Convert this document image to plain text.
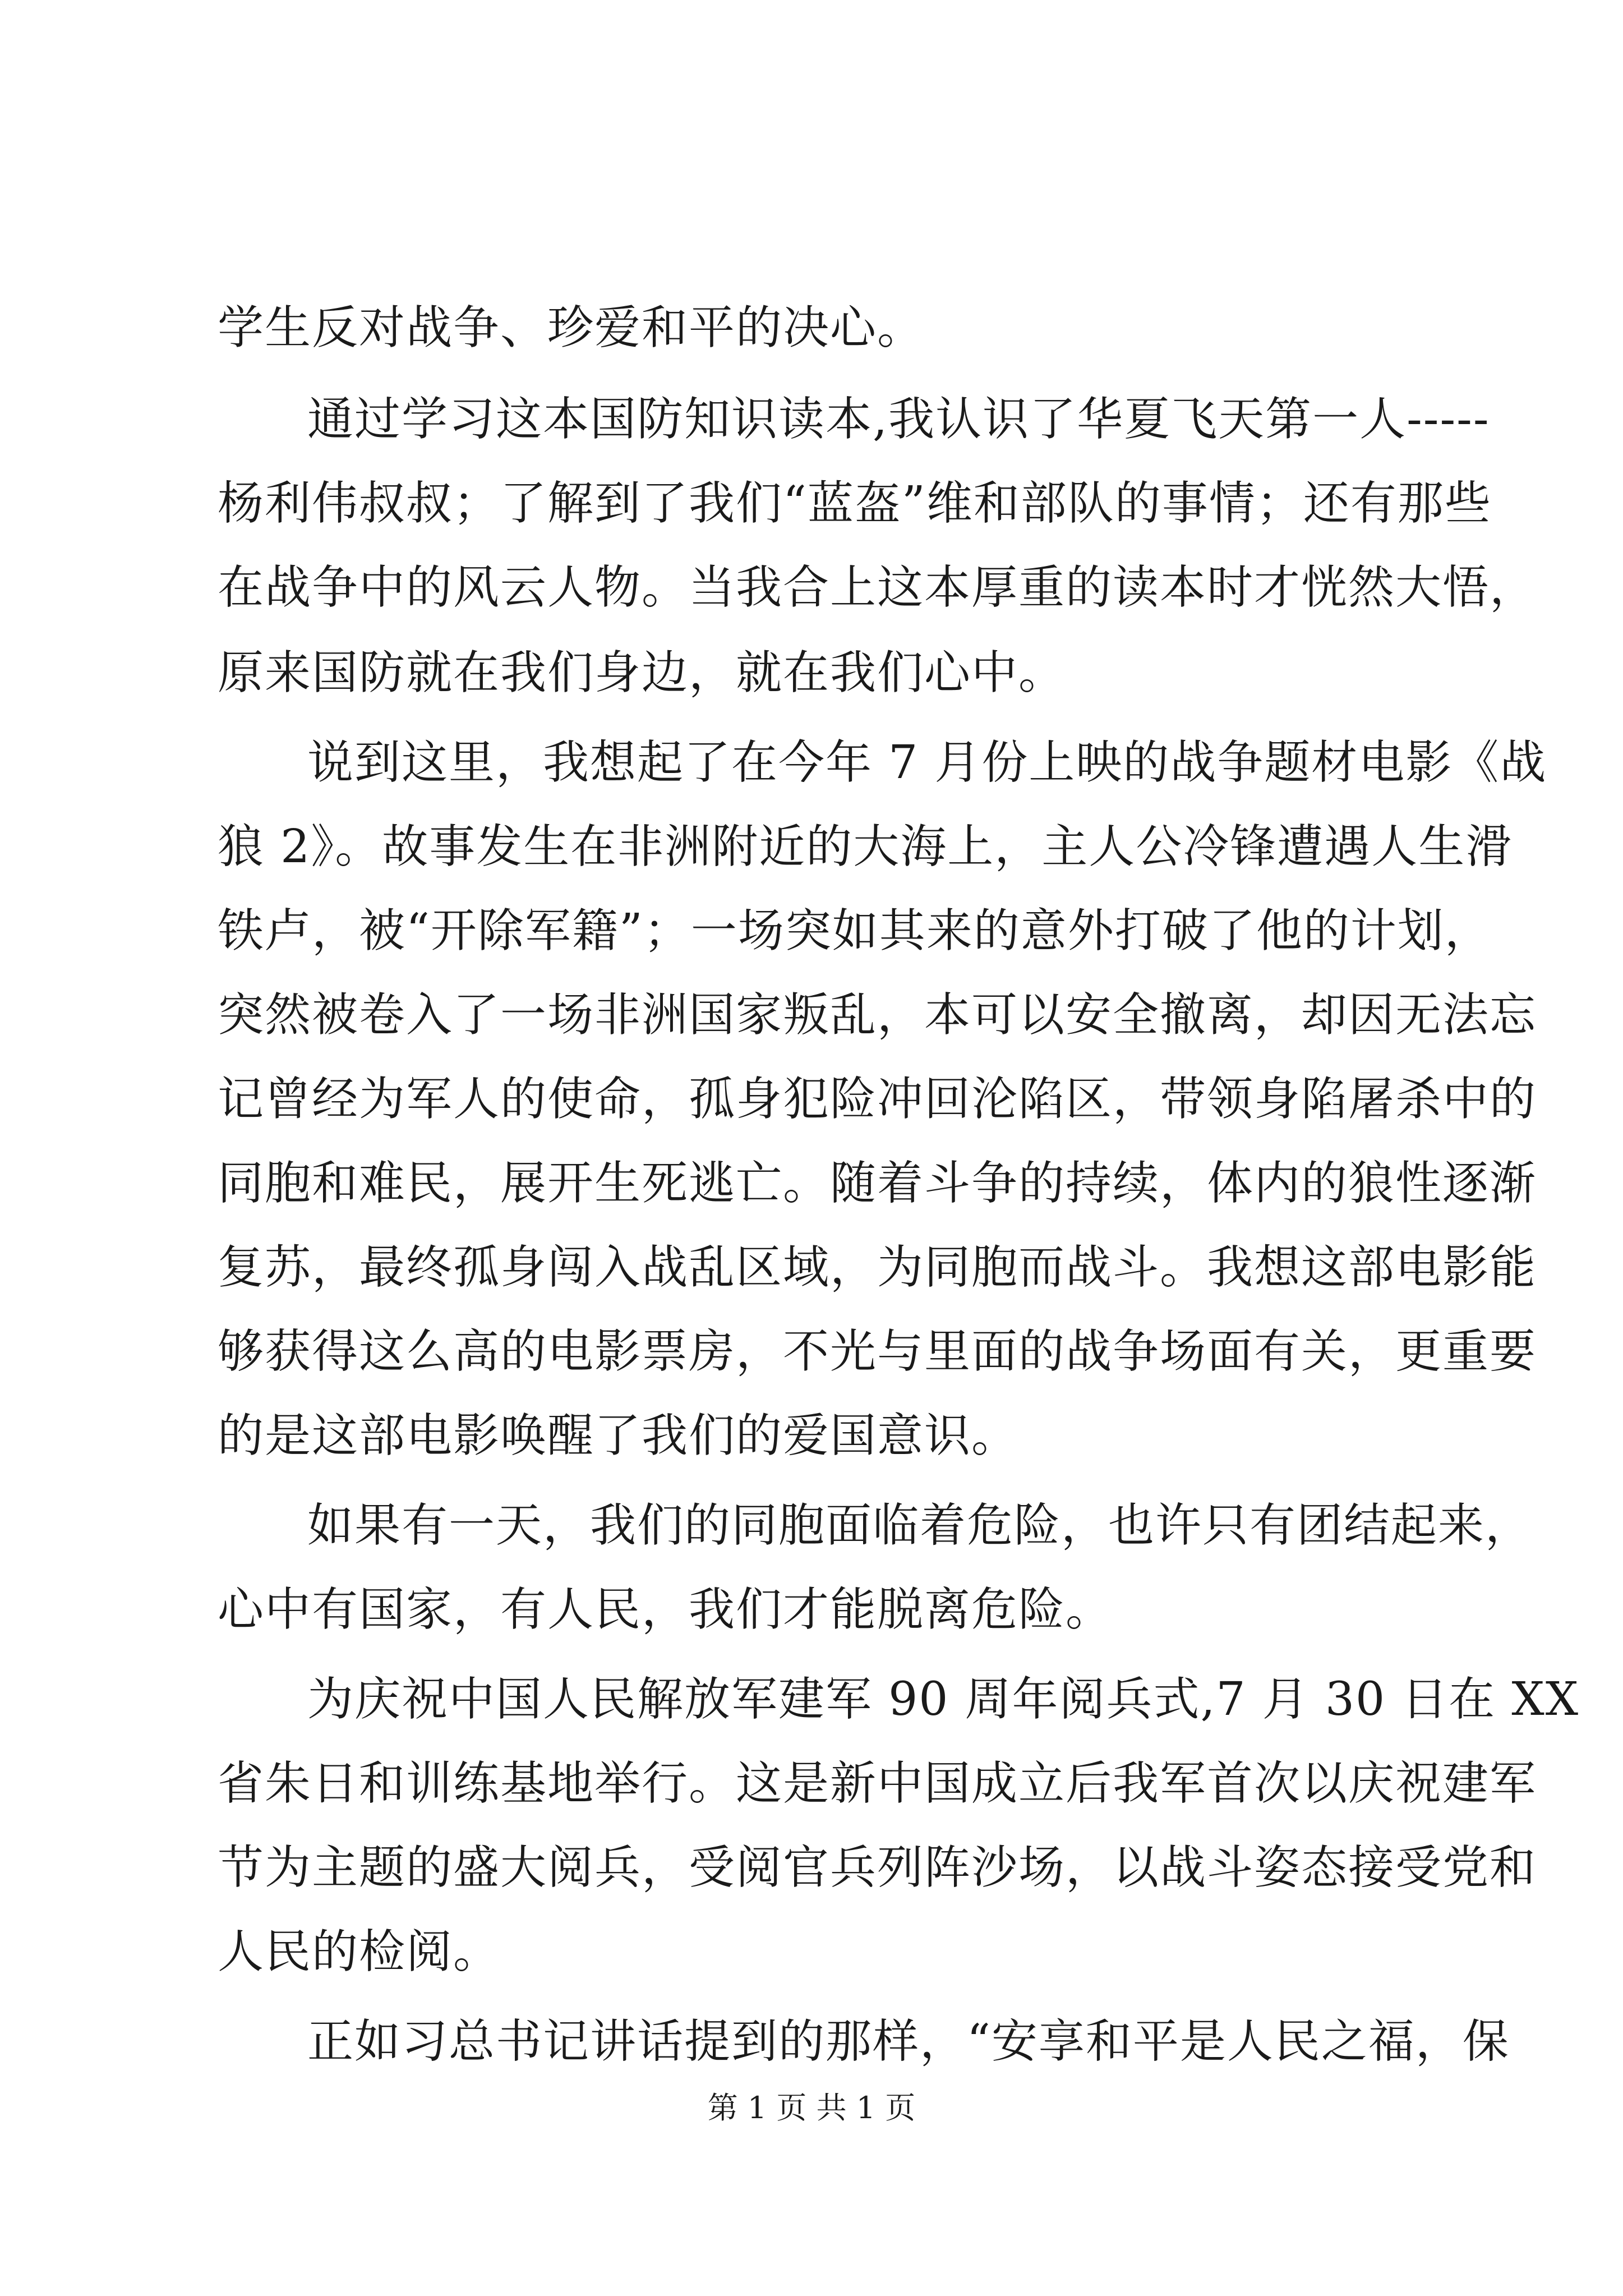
学生反对战争、珍爱和平的决心。
通过学习这本国防知识读本,我认识了华夏飞天第一人-----
杨利伟叔叔；了解到了我们“蓝盔”维和部队的事情；还有那些
在战争中的风云人物。当我合上这本厚重的读本时才恍然大悟，
原来国防就在我们身边，就在我们心中。
说到这里，我想起了在今年 7 月份上映的战争题材电影《战
狼 2》。故事发生在非洲附近的大海上，主人公冷锋遭遇人生滑
铁卢，被“开除军籍”；一场突如其来的意外打破了他的计划，
突然被卷入了一场非洲国家叛乱，本可以安全撤离，却因无法忘
记曾经为军人的使命，孤身犯险冲回沦陷区，带领身陷屠杀中的
同胞和难民，展开生死逃亡。随着斗争的持续，体内的狼性逐渐
复苏，最终孤身闯入战乱区域，为同胞而战斗。我想这部电影能
够获得这么高的电影票房，不光与里面的战争场面有关，更重要
的是这部电影唤醒了我们的爱国意识。
如果有一天，我们的同胞面临着危险，也许只有团结起来，
心中有国家，有人民，我们才能脱离危险。
为庆祝中国人民解放军建军 90 周年阅兵式,7 月 30 日在 XX
省朱日和训练基地举行。这是新中国成立后我军首次以庆祝建军
节为主题的盛大阅兵，受阅官兵列阵沙场，以战斗姿态接受党和
人民的检阅。
正如习总书记讲话提到的那样，“安享和平是人民之福，保
第 1 页 共 1 页
